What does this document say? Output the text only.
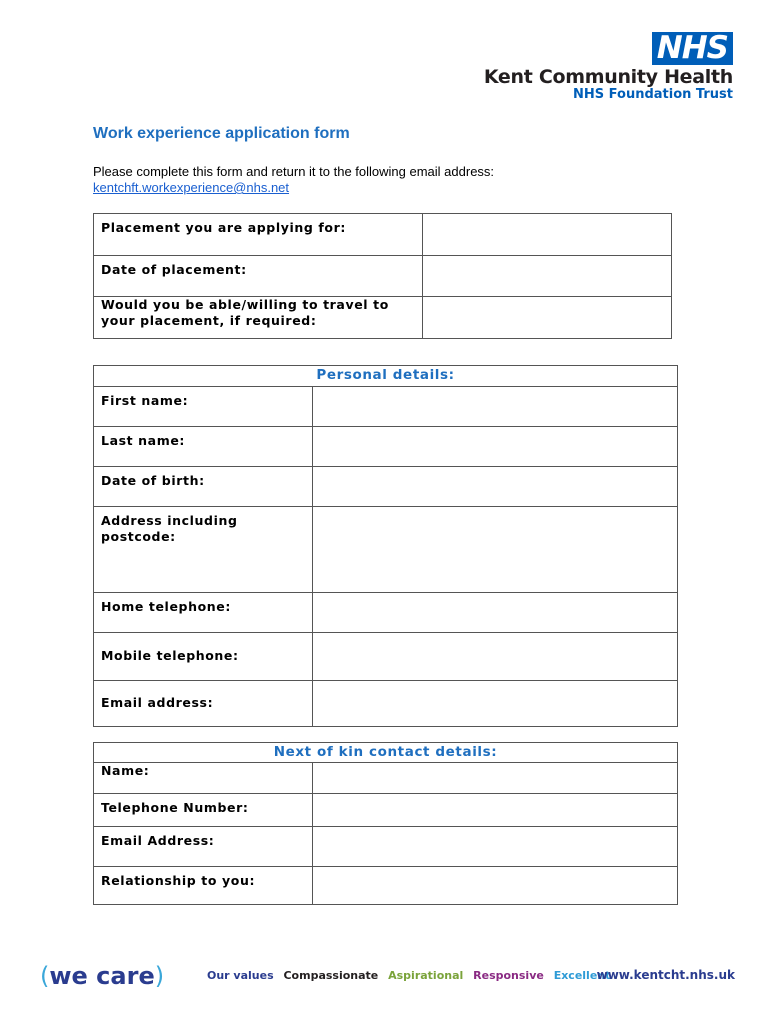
NHS
Kent Community Health
NHS Foundation Trust
Work experience application form
Please complete this form and return it to the following email address:
kentchft.workexperience@nhs.net
Placement you are applying for:	
Date of placement:	
Would you be able/willing to travel to your placement, if required:	
Personal details:	
First name:	
Last name:	
Date of birth:	
Address including postcode:	
Home telephone:	
Mobile telephone:	
Email address:	
Next of kin contact details:	
Name:	
Telephone Number:	
Email Address:	
Relationship to you:	
(we care)	Our values Compassionate Aspirational Responsive Excellent
www.kentcht.nhs.uk
